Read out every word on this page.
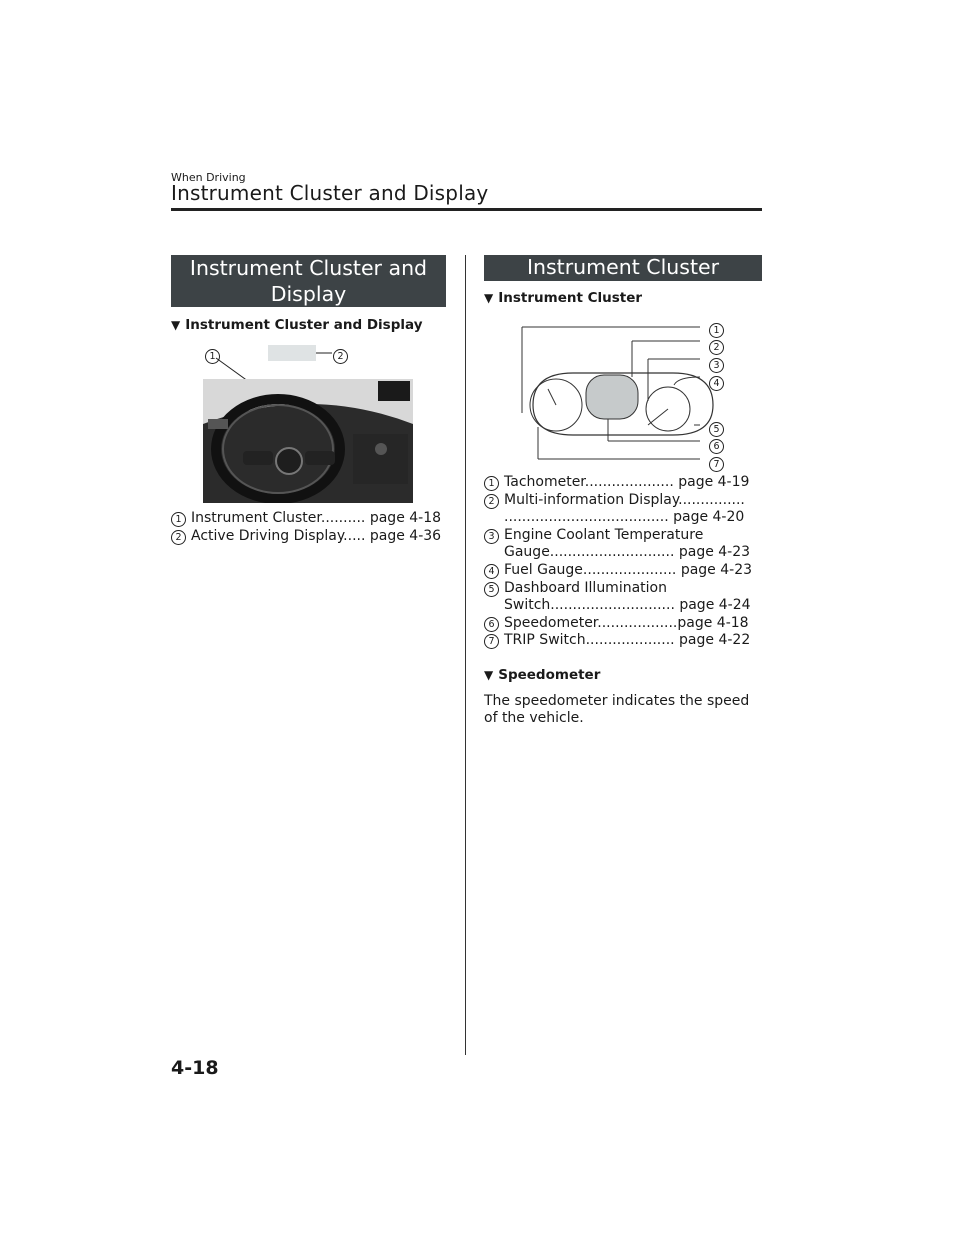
When Driving
Instrument Cluster and Display
Instrument Cluster and
Display
▼ Instrument Cluster and Display
1	2
1 Instrument Cluster.......... page 4-18
2 Active Driving Display..... page 4-36
Instrument Cluster
▼ Instrument Cluster
1
2
3
4
5
6
7
1 Tachometer.................... page 4-19
2 Multi-information Display...............
..................................... page 4-20
3 Engine Coolant Temperature
Gauge............................ page 4-23
4 Fuel Gauge..................... page 4-23
5 Dashboard Illumination
Switch............................ page 4-24
6 Speedometer..................page 4-18
7 TRIP Switch.................... page 4-22
▼ Speedometer
The speedometer indicates the speed
of the vehicle.
4-18
